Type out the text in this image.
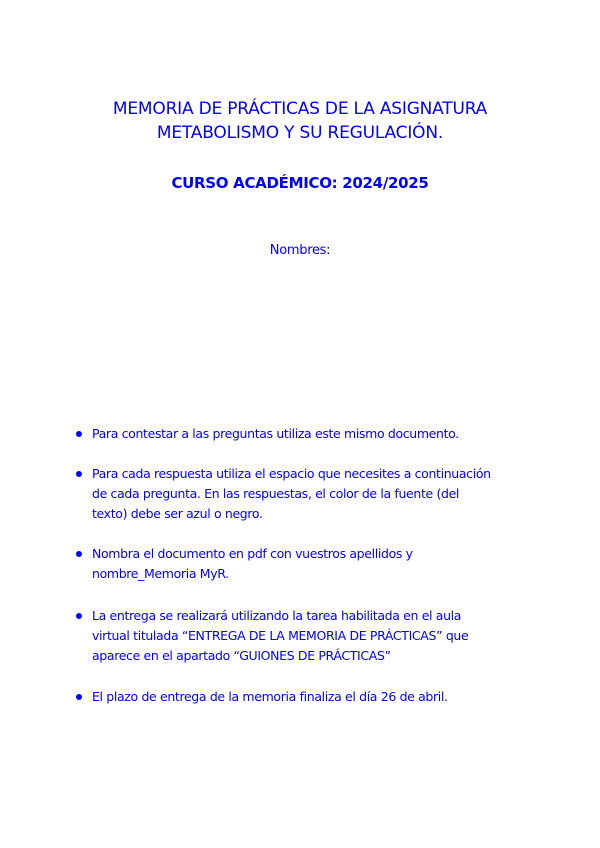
MEMORIA DE PRÁCTICAS DE LA ASIGNATURA
METABOLISMO Y SU REGULACIÓN.
CURSO ACADÉMICO: 2024/2025
Nombres:
Para contestar a las preguntas utiliza este mismo documento.
Para cada respuesta utiliza el espacio que necesites a continuación
de cada pregunta. En las respuestas, el color de la fuente (del
texto) debe ser azul o negro.
Nombra el documento en pdf con vuestros apellidos y
nombre_Memoria MyR.
La entrega se realizará utilizando la tarea habilitada en el aula
virtual titulada “ENTREGA DE LA MEMORIA DE PRÁCTICAS” que
aparece en el apartado “GUIONES DE PRÁCTICAS”
El plazo de entrega de la memoria finaliza el día 26 de abril.
